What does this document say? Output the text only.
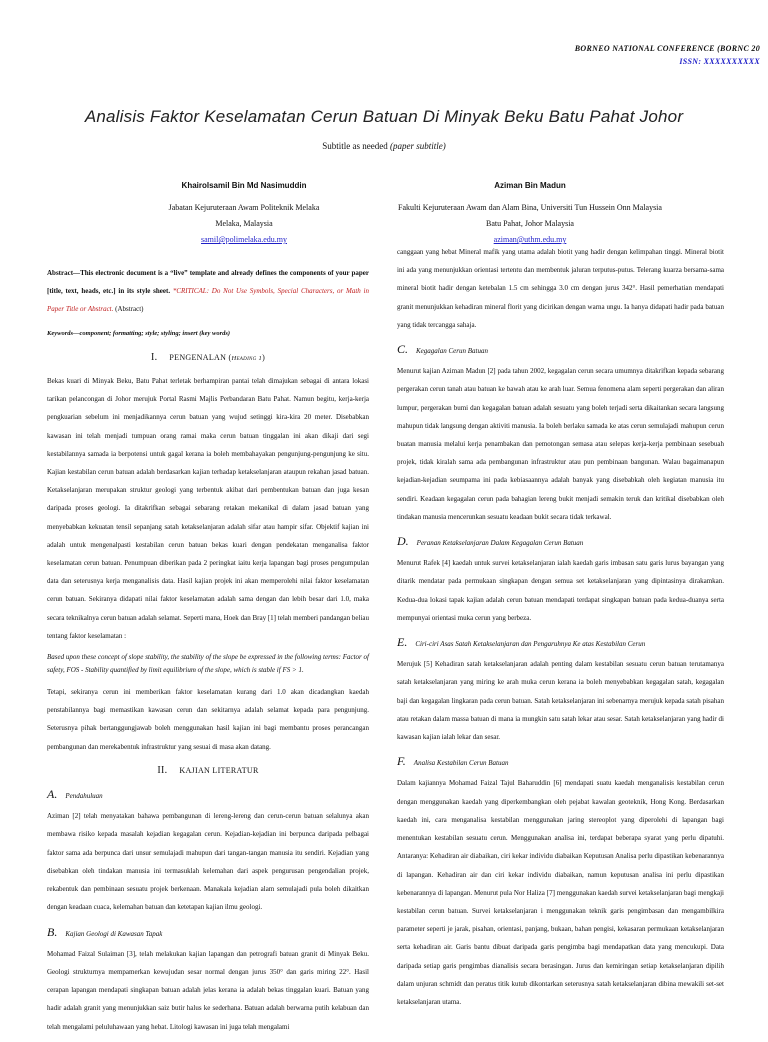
BORNEO NATIONAL CONFERENCE (BORNC 20
ISSN: XXXXXXXXXX
Analisis Faktor Keselamatan Cerun Batuan Di Minyak Beku Batu Pahat Johor
Subtitle as needed (paper subtitle)
Khairolsamil Bin Md Nasimuddin
Jabatan Kejuruteraan Awam Politeknik Melaka
Melaka, Malaysia
samil@polimelaka.edu.my
Aziman Bin Madun
Fakulti Kejuruteraan Awam dan Alam Bina, Universiti Tun Hussein Onn Malaysia
Batu Pahat, Johor Malaysia
aziman@uthm.edu.my

Abstract—This electronic document is a “live” template and already defines the components of your paper [title, text, heads, etc.] in its style sheet. *CRITICAL: Do Not Use Symbols, Special Characters, or Math in Paper Title or Abstract. (Abstract)

Keywords—component; formatting; style; styling; insert (key words)

I. PENGENALAN (Heading 1)

Bekas kuari di Minyak Beku, Batu Pahat terletak berhampiran pantai telah dimajukan sebagai di antara lokasi tarikan pelancongan di Johor merujuk Portal Rasmi Majlis Perbandaran Batu Pahat. Namun begitu, kerja-kerja pengkuarian sebelum ini menjadikannya cerun batuan yang wujud setinggi kira-kira 20 meter. Disebabkan kawasan ini telah menjadi tumpuan orang ramai maka cerun batuan tinggalan ini akan dikaji dari segi kestabilannya samada ia berpotensi untuk gagal kerana ia boleh membahayakan pengunjung-pengunjung ke situ. Kajian kestabilan cerun batuan adalah berdasarkan kajian terhadap ketakselanjaran ataupun rekahan jasad batuan. Ketakselanjaran merupakan struktur geologi yang terbentuk akibat dari pembentukan batuan dan juga kesan daripada proses geologi. Ia ditakrifkan sebagai sebarang retakan mekanikal di dalam jasad batuan yang menyebabkan kekuatan tensil sepanjang satah ketakselanjaran adalah sifar atau hampir sifar. Objektif kajian ini adalah untuk mengenalpasti kestabilan cerun batuan bekas kuari dengan pendekatan menganalisa faktor keselamatan cerun batuan. Penumpuan diberikan pada 2 peringkat iaitu kerja lapangan bagi proses pengumpulan data dan seterusnya kerja menganalisis data. Hasil kajian projek ini akan memperolehi nilai faktor keselamatan cerun batuan. Sekiranya didapati nilai faktor keselamatan adalah sama dengan dan lebih besar dari 1.0, maka secara teknikalnya cerun batuan adalah selamat. Seperti mana, Hoek dan Bray [1] telah memberi pandangan beliau tentang faktor keselamatan :

Based upon these concept of slope stability, the stability of the slope be expressed in the following terms: Factor of safety, FOS - Stability quantified by limit equilibrium of the slope, which is stable if FS > 1.

Tetapi, sekiranya cerun ini memberikan faktor keselamatan kurang dari 1.0 akan dicadangkan kaedah penstabilannya bagi memastikan kawasan cerun dan sekitarnya adalah selamat kepada para pengunjung. Seterusnya pihak bertanggungjawab boleh menggunakan hasil kajian ini bagi membantu proses perancangan pembangunan dan merekabentuk infrastruktur yang sesuai di masa akan datang.

II. KAJIAN LITERATUR
A. Pendahuluan

Aziman [2] telah menyatakan bahawa pembangunan di lereng-lereng dan cerun-cerun batuan selalunya akan membawa risiko kepada masalah kejadian kegagalan cerun. Kejadian-kejadian ini berpunca daripada pelbagai faktor sama ada berpunca dari unsur semulajadi mahupun dari tangan-tangan manusia itu sendiri. Kejadian yang disebabkan oleh tindakan manusia ini termasuklah kelemahan dari aspek pengurusan pengendalian projek, rekabentuk dan pembinaan sesuatu projek berkenaan. Manakala kejadian alam semulajadi pula boleh dikaitkan dengan keadaan cuaca, kelemahan batuan dan ketetapan kajian ilmu geologi.

B. Kajian Geologi di Kawasan Tapak

Mohamad Faizal Sulaiman [3], telah melakukan kajian lapangan dan petrografi batuan granit di Minyak Beku. Geologi strukturnya mempamerkan kewujudan sesar normal dengan jurus 350° dan garis miring 22°. Hasil cerapan lapangan mendapati singkapan batuan adalah jelas kerana ia adalah bekas tinggalan kuari. Batuan yang hadir adalah granit yang menunjukkan saiz butir halus ke sederhana. Batuan adalah berwarna putih kelabuan dan telah mengalami peluluhawaan yang hebat. Litologi kawasan ini juga telah mengalami

canggaan yang hebat Mineral mafik yang utama adalah biotit yang hadir dengan kelimpahan tinggi. Mineral biotit ini ada yang menunjukkan orientasi tertentu dan membentuk jaluran terputus-putus. Telerang kuarza bersama-sama mineral biotit hadir dengan ketebalan 1.5 cm sehingga 3.0 cm dengan jurus 342°. Hasil pemerhatian mendapati granit menunjukkan kehadiran mineral florit yang dicirikan dengan warna ungu. Ia hanya didapati hadir pada batuan yang tidak tercangga sahaja.

C. Kegagalan Cerun Batuan

Menurut kajian Aziman Madun [2] pada tahun 2002, kegagalan cerun secara umumnya ditakrifkan kepada sebarang pergerakan cerun tanah atau batuan ke bawah atau ke arah luar. Semua fenomena alam seperti pergerakan dan aliran lumpur, pergerakan bumi dan kegagalan batuan adalah sesuatu yang boleh terjadi serta dikaitankan secara langsung mahupun tidak langsung dengan aktiviti manusia. Ia boleh berlaku samada ke atas cerun semulajadi mahupun cerun buatan manusia melalui kerja penambakan dan pemotongan semasa atau selepas kerja-kerja pembinaan sesebuah projek, tidak kiralah sama ada pembangunan infrastruktur atau pun pembinaan bangunan. Walau bagaimanapun kejadian-kejadian seumpama ini pada kebiasaannya adalah banyak yang disebabkah oleh kegiatan manusia itu sendiri. Keadaan kegagalan cerun pada bahagian lereng bukit menjadi semakin teruk dan kritikal disebabkan oleh tindakan manusia mencerunkan sesuatu keadaan bukit secara tidak terkawal.

D. Peranan Ketakselanjaran Dalam Kegagalan Cerun Batuan

Menurut Rafek [4] kaedah untuk survei ketakselanjaran ialah kaedah garis imbasan satu garis lurus bayangan yang ditarik mendatar pada permukaan singkapan dengan semua set ketakselanjaran yang dipintasinya dirakamkan. Kedua-dua lokasi tapak kajian adalah cerun batuan mendapati terdapat singkapan batuan pada kedua-duanya serta mempunyai orientasi muka cerun yang berbeza.

E. Ciri-ciri Asas Satah Ketakselanjaran dan Pengaruhnya Ke atas Kestabilan Cerun

Merujuk [5] Kehadiran satah ketakselanjaran adalah penting dalam kestabilan sesuatu cerun batuan terutamanya satah ketakselanjaran yang miring ke arah muka cerun kerana ia boleh menyebabkan kegagalan satah, kegagalan baji dan kegagalan lingkaran pada cerun batuan. Satah ketakselanjaran ini sebenarnya merujuk kepada satah pisahan atau retakan dalam massa batuan di mana ia mungkin satu satah lekar atau sesar. Satah ketakselanjaran yang hadir di kawasan kajian ialah lekar dan sesar.

F. Analisa Kestabilan Cerun Batuan

Dalam kajiannya Mohamad Faizal Tajul Baharuddin [6] mendapati suatu kaedah menganalisis kestabilan cerun dengan menggunakan kaedah yang diperkembangkan oleh pejabat kawalan geoteknik, Hong Kong. Berdasarkan kaedah ini, cara menganalisa kestabilan menggunakan jaring stereoplot yang diperolehi di lapangan bagi menentukan kestabilan sesuatu cerun. Menggunakan analisa ini, terdapat beberapa syarat yang perlu dipatuhi. Antaranya: Kehadiran air diabaikan, ciri kekar individu diabaikan Keputusan Analisa perlu dipastikan kebenarannya di lapangan. Kehadiran air dan ciri kekar individu diabaikan, namun keputusan analisa ini perlu dipastikan kebenarannya di lapangan. Menurut pula Nor Haliza [7] menggunakan kaedah survei ketakselanjaran bagi mengkaji kestabilan cerun batuan. Survei ketakselanjaran i menggunakan teknik garis pengimbasan dan mengambilkira parameter seperti je jarak, pisahan, orientasi, panjang, bukaan, bahan pengisi, kekasaran permukaan ketakselanjaran serta kehadiran air. Garis bantu dibuat daripada garis pengimba bagi mendapatkan data yang mencukupi. Data daripada setiap garis pengimbas dianalisis secara berasingan. Jurus dan kemiringan setiap ketakselanjaran dipilih dalam unjuran schmidt dan peratus titik kutub dikontarkan seterusnya satah ketakselanjaran dibina mewakili set-set ketakselanjaran utama.
